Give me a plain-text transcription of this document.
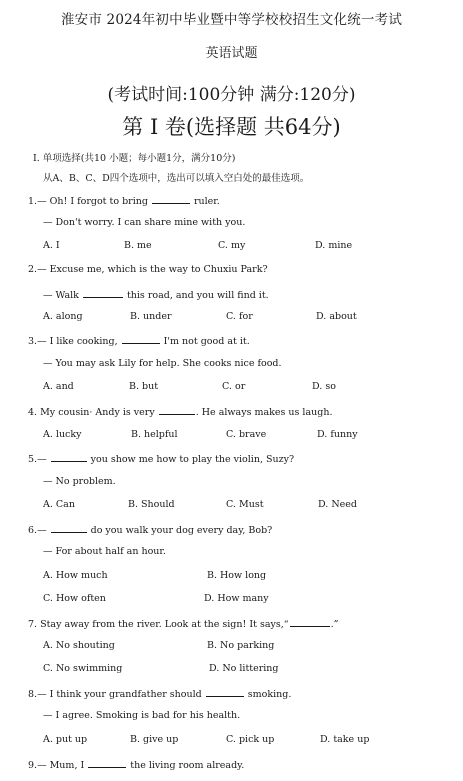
淮安市 2024年初中毕业暨中等学校校招生文化统一考试
英语试题
(考试时间:100分钟 满分:120分)
第 I 卷(选择题 共64分)
Ⅰ. 单项选择(共10 小题；每小题1分，满分10分)
从A、B、C、D四个选项中，选出可以填入空白处的最佳选项。
1.— Oh! I forgot to bring	ruler.
— Don't worry. I can share mine with you.
A. I	B. me	C. my	D. mine
2.— Excuse me, which is the way to Chuxiu Park?
— Walk	this road, and you will find it.
A. along	B. under	C. for	D. about
3.— I like cooking,	I'm not good at it.
— You may ask Lily for help. She cooks nice food.
A. and	B. but	C. or	D. so
4. My cousin· Andy is very	. He always makes us laugh.
A. lucky	B. helpful	C. brave	D. funny
5.—	you show me how to play the violin, Suzy?
— No problem.
A. Can	B. Should	C. Must	D. Need
6.—	do you walk your dog every day, Bob?
— For about half an hour.
A. How much	B. How long
C. How often	D. How many
7. Stay away from the river. Look at the sign! It says,“	.”
A. No shouting	B. No parking
C. No swimming	D. No littering
8.— I think your grandfather should	smoking.
— I agree. Smoking is bad for his health.
A. put up	B. give up	C. pick up	D. take up
9.— Mum, I	the living room already.
